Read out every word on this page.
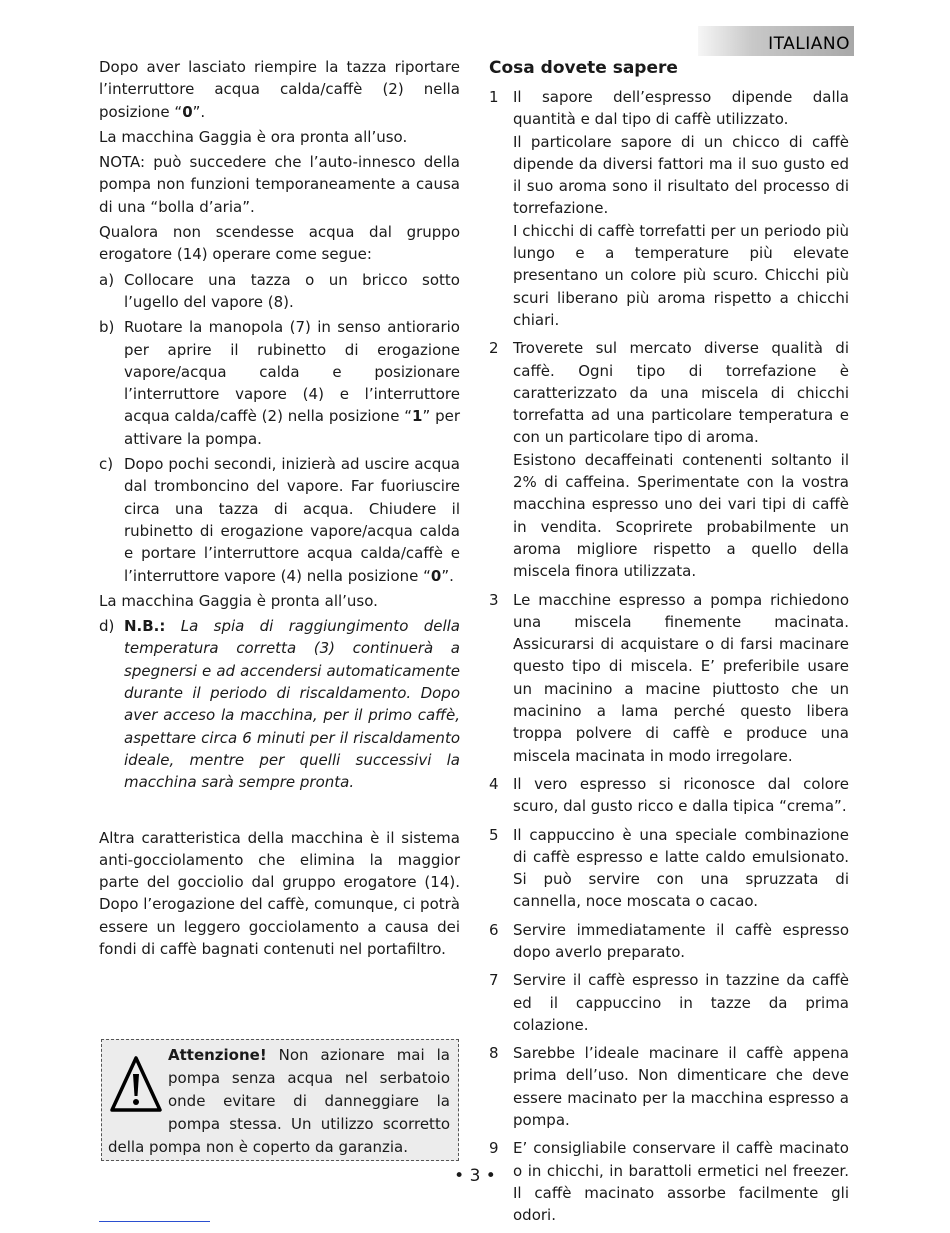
ITALIANO

Dopo aver lasciato riempire la tazza riportare l’interruttore acqua calda/caffè (2) nella posizione “0”.

La macchina Gaggia è ora pronta all’uso.

NOTA: può succedere che l’auto-innesco della pompa non funzioni temporaneamente a causa di una “bolla d’aria”.

Qualora non scendesse acqua dal gruppo erogatore (14) operare come segue:

a) Collocare una tazza o un bricco sotto l’ugello del vapore (8).
b) Ruotare la manopola (7) in senso antiorario per aprire il rubinetto di erogazione vapore/acqua calda e posizionare l’interruttore vapore (4) e l’interruttore acqua calda/caffè (2) nella posizione “1” per attivare la pompa.
c) Dopo pochi secondi, inizierà ad uscire acqua dal tromboncino del vapore. Far fuoriuscire circa una tazza di acqua. Chiudere il rubinetto di erogazione vapore/acqua calda e portare l’interruttore acqua calda/caffè e l’interruttore vapore (4) nella posizione “0”.

La macchina Gaggia è pronta all’uso.

d) N.B.: La spia di raggiungimento della temperatura corretta (3) continuerà a spegnersi e ad accendersi automaticamente durante il periodo di riscaldamento. Dopo aver acceso la macchina, per il primo caffè, aspettare circa 6 minuti per il riscaldamento ideale, mentre per quelli successivi la macchina sarà sempre pronta.

Altra caratteristica della macchina è il sistema anti-gocciolamento che elimina la maggior parte del gocciolio dal gruppo erogatore (14). Dopo l’erogazione del caffè, comunque, ci potrà essere un leggero gocciolamento a causa dei fondi di caffè bagnati contenuti nel portafiltro.

Attenzione! Non azionare mai la pompa senza acqua nel serbatoio onde evitare di danneggiare la pompa stessa. Un utilizzo scorretto della pompa non è coperto da garanzia.
Cosa dovete sapere
1 Il sapore dell’espresso dipende dalla quantità e dal tipo di caffè utilizzato.
Il particolare sapore di un chicco di caffè dipende da diversi fattori ma il suo gusto ed il suo aroma sono il risultato del processo di torrefazione.
I chicchi di caffè torrefatti per un periodo più lungo e a temperature più elevate presentano un colore più scuro. Chicchi più scuri liberano più aroma rispetto a chicchi chiari.
2 Troverete sul mercato diverse qualità di caffè. Ogni tipo di torrefazione è caratterizzato da una miscela di chicchi torrefatta ad una particolare temperatura e con un particolare tipo di aroma.
Esistono decaffeinati contenenti soltanto il 2% di caffeina. Sperimentate con la vostra macchina espresso uno dei vari tipi di caffè in vendita. Scoprirete probabilmente un aroma migliore rispetto a quello della miscela finora utilizzata.
3 Le macchine espresso a pompa richiedono una miscela finemente macinata. Assicurarsi di acquistare o di farsi macinare questo tipo di miscela. E’ preferibile usare un macinino a macine piuttosto che un macinino a lama perché questo libera troppa polvere di caffè e produce una miscela macinata in modo irregolare.
4 Il vero espresso si riconosce dal colore scuro, dal gusto ricco e dalla tipica “crema”.
5 Il cappuccino è una speciale combinazione di caffè espresso e latte caldo emulsionato. Si può servire con una spruzzata di cannella, noce moscata o cacao.
6 Servire immediatamente il caffè espresso dopo averlo preparato.
7 Servire il caffè espresso in tazzine da caffè ed il cappuccino in tazze da prima colazione.
8 Sarebbe l’ideale macinare il caffè appena prima dell’uso. Non dimenticare che deve essere macinato per la macchina espresso a pompa.
9 E’ consigliabile conservare il caffè macinato o in chicchi, in barattoli ermetici nel freezer. Il caffè macinato assorbe facilmente gli odori.
• 3 •
